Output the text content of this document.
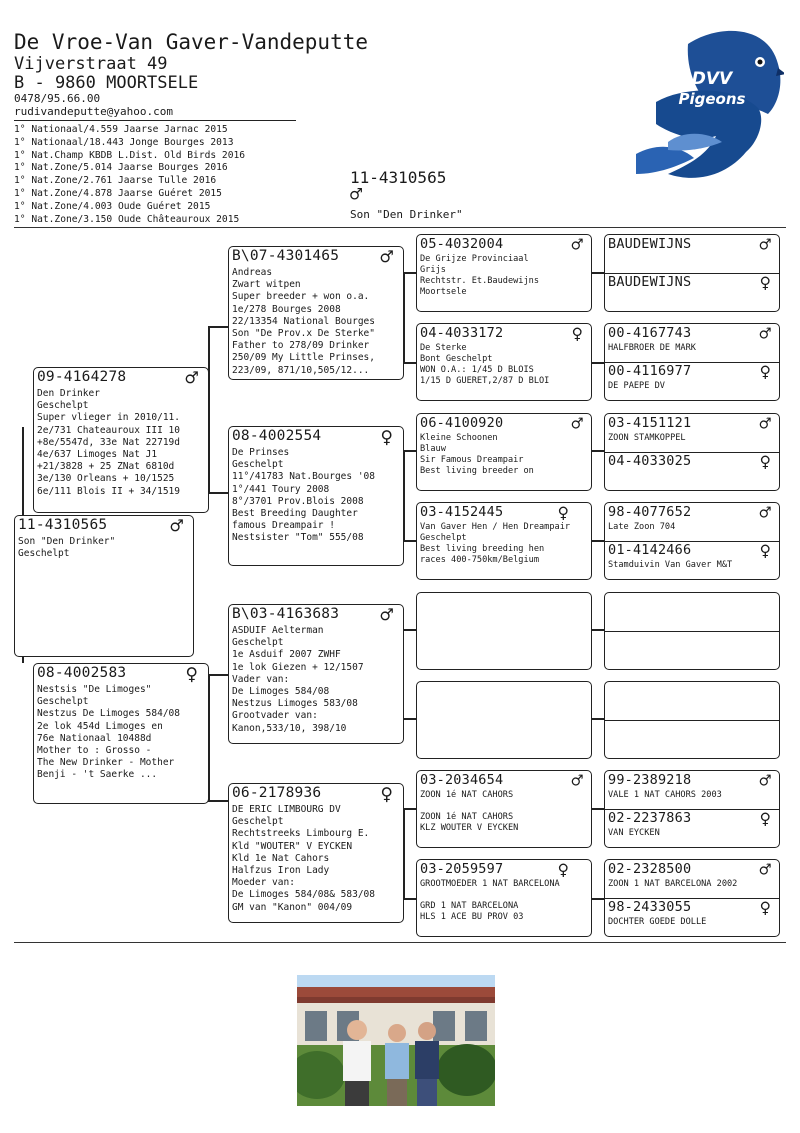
De Vroe-Van Gaver-Vandeputte
Vijverstraat 49
B - 9860 MOORTSELE
0478/95.66.00
rudivandeputte@yahoo.com
1° Nationaal/4.559 Jaarse Jarnac 2015
1° Nationaal/18.443 Jonge Bourges 2013
1° Nat.Champ KBDB L.Dist. Old Birds 2016
1° Nat.Zone/5.014 Jaarse Bourges 2016
1° Nat.Zone/2.761 Jaarse Tulle 2016
1° Nat.Zone/4.878 Jaarse Guéret 2015
1° Nat.Zone/4.003 Oude Guéret 2015
1° Nat.Zone/3.150 Oude Châteauroux 2015
11-4310565
♂
Son "Den Drinker"
DVV
Pigeons
11-4310565	♂
Son "Den Drinker"
Geschelpt
09-4164278	♂
Den Drinker
Geschelpt
Super vlieger in 2010/11.
2e/731 Chateauroux III 10
+8e/5547d, 33e Nat 22719d
4e/637 Limoges Nat J1
+21/3828 + 25 ZNat 6810d
3e/130 Orleans + 10/1525
6e/111 Blois II + 34/1519
08-4002583	♀
Nestsis "De Limoges"
Geschelpt
Nestzus De Limoges 584/08
2e lok 454d Limoges en
76e Nationaal 10488d
Mother to : Grosso -
The New Drinker - Mother
Benji - 't Saerke ...
B\07-4301465 ♂
Andreas
Zwart witpen
Super breeder + won o.a.
1e/278 Bourges 2008
22/13354 National Bourges
Son "De Prov.x De Sterke"
Father to 278/09 Drinker
250/09 My Little Prinses,
223/09, 871/10,505/12...
08-4002554	♀
De Prinses
Geschelpt
11°/41783 Nat.Bourges '08
1°/441 Toury 2008
8°/3701 Prov.Blois 2008
Best Breeding Daughter
famous Dreampair !
Nestsister "Tom" 555/08
B\03-4163683 ♂
ASDUIF Aelterman
Geschelpt
1e Asduif 2007 ZWHF
1e lok Giezen + 12/1507
Vader van:
De Limoges 584/08
Nestzus Limoges 583/08
Grootvader van:
Kanon,533/10, 398/10
06-2178936	♀
DE ERIC LIMBOURG DV
Geschelpt
Rechtstreeks Limbourg E.
Kld "WOUTER" V EYCKEN
Kld 1e Nat Cahors
Halfzus Iron Lady
Moeder van:
De Limoges 584/08& 583/08
GM van "Kanon" 004/09
05-4032004	♂
De Grijze Provinciaal
Grijs
Rechtstr. Et.Baudewijns
Moortsele
04-4033172	♀
De Sterke
Bont Geschelpt
WON O.A.: 1/45 D BLOIS
1/15 D GUERET,2/87 D BLOI
06-4100920	♂
Kleine Schoonen
Blauw
Sir Famous Dreampair
Best living breeder on
03-4152445	♀
Van Gaver Hen / Hen Dreampair
Geschelpt
Best living breeding hen
races 400-750km/Belgium
03-2034654	♂
ZOON 1é NAT CAHORS
ZOON 1é NAT CAHORS
KLZ WOUTER V EYCKEN
03-2059597	♀
GROOTMOEDER 1 NAT BARCELONA
GRD 1 NAT BARCELONA
HLS 1 ACE BU PROV 03
BAUDEWIJNS	♂
BAUDEWIJNS	♀
00-4167743	♂
HALFBROER DE MARK
00-4116977	♀
DE PAEPE DV
03-4151121	♂
ZOON STAMKOPPEL
04-4033025	♀
98-4077652	♂
Late Zoon 704
01-4142466	♀
Stamduivin Van Gaver M&T
99-2389218	♂
VALE 1 NAT CAHORS 2003
02-2237863	♀
VAN EYCKEN
02-2328500	♂
ZOON 1 NAT BARCELONA 2002
98-2433055	♀
DOCHTER GOEDE DOLLE
